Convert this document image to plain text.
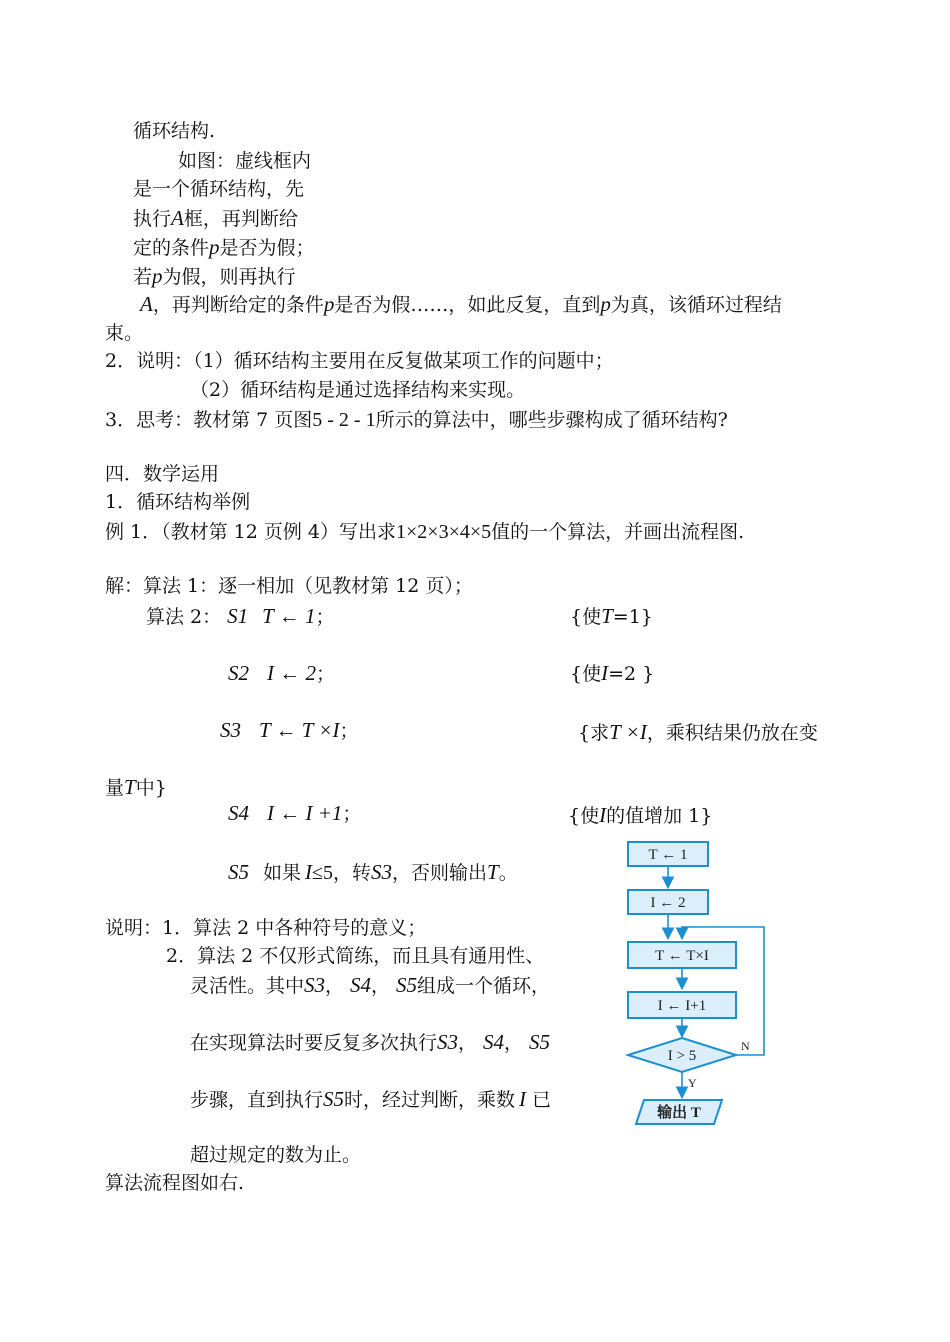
循环结构.
如图：虚线框内
是一个循环结构，先
执行A框，再判断给
定的条件p是否为假；
若p为假，则再执行
A，再判断给定的条件p是否为假……，如此反复，直到p为真，该循环过程结
束。
2．说明：（1）循环结构主要用在反复做某项工作的问题中；
（2）循环结构是通过选择结构来实现。
3．思考：教材第 7 页图5 - 2 - 1所示的算法中，哪些步骤构成了循环结构?
四．数学运用
1．循环结构举例
例 1．（教材第 12 页例 4）写出求1×2×3×4×5值的一个算法，并画出流程图.
解：算法 1：逐一相加（见教材第 12 页）；
算法 2： S1 T ← 1；	{使T=1}
S2 I ← 2；	{使I=2 }
S3 T ← T ×I；	{求T ×I，乘积结果仍放在变
量T中}
S4 I ← I +1；	{使I的值增加 1}
S5 如果 I≤5，转S3，否则输出T。
说明：1．算法 2 中各种符号的意义；
2．算法 2 不仅形式简练，而且具有通用性、
灵活性。其中S3， S4， S5组成一个循环，
在实现算法时要反复多次执行S3， S4， S5
步骤，直到执行S5时，经过判断，乘数 I 已
超过规定的数为止。
算法流程图如右.
T ← 1
I ← 2
T ← T×I
I ← I+1
I > 5
N
Y
输出 T
